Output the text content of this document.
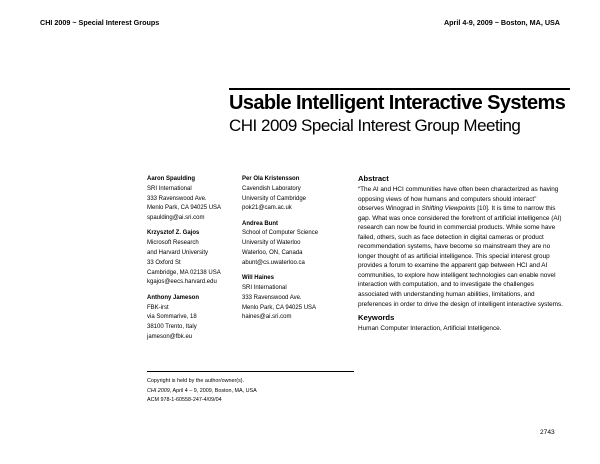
CHI 2009 ~ Special Interest Groups	April 4-9, 2009 ~ Boston, MA, USA
Usable Intelligent Interactive Systems
CHI 2009 Special Interest Group Meeting
Aaron Spaulding
SRI International
333 Ravenswood Ave.
Menlo Park, CA 94025 USA
spaulding@ai.sri.com
Krzysztof Z. Gajos
Microsoft Research
and Harvard University
33 Oxford St
Cambridge, MA 02138 USA
kgajos@eecs.harvard.edu
Anthony Jameson
FBK-irst
via Sommarive, 18
38100 Trento, Italy
jameson@fbk.eu
Per Ola Kristensson
Cavendish Laboratory
University of Cambridge
pok21@cam.ac.uk
Andrea Bunt
School of Computer Science
University of Waterloo
Waterloo, ON, Canada
abunt@cs.uwaterloo.ca
Will Haines
SRI International
333 Ravenswood Ave.
Menlo Park, CA 94025 USA
haines@ai.sri.com
Abstract
“The AI and HCI communities have often been characterized as having opposing views of how humans and computers should interact” observes Winograd in Shifting Viewpoints [10]. It is time to narrow this gap. What was once considered the forefront of artificial intelligence (AI) research can now be found in commercial products. While some have failed, others, such as face detection in digital cameras or product recommendation systems, have become so mainstream they are no longer thought of as artificial intelligence. This special interest group provides a forum to examine the apparent gap between HCI and AI communities, to explore how intelligent technologies can enable novel interaction with computation, and to investigate the challenges associated with understanding human abilities, limitations, and preferences in order to drive the design of intelligent interactive systems.
Keywords
Human Computer Interaction, Artificial Intelligence.
Copyright is held by the author/owner(s).
CHI 2009, April 4 – 9, 2009, Boston, MA, USA
ACM 978-1-60558-247-4/09/04
2743
